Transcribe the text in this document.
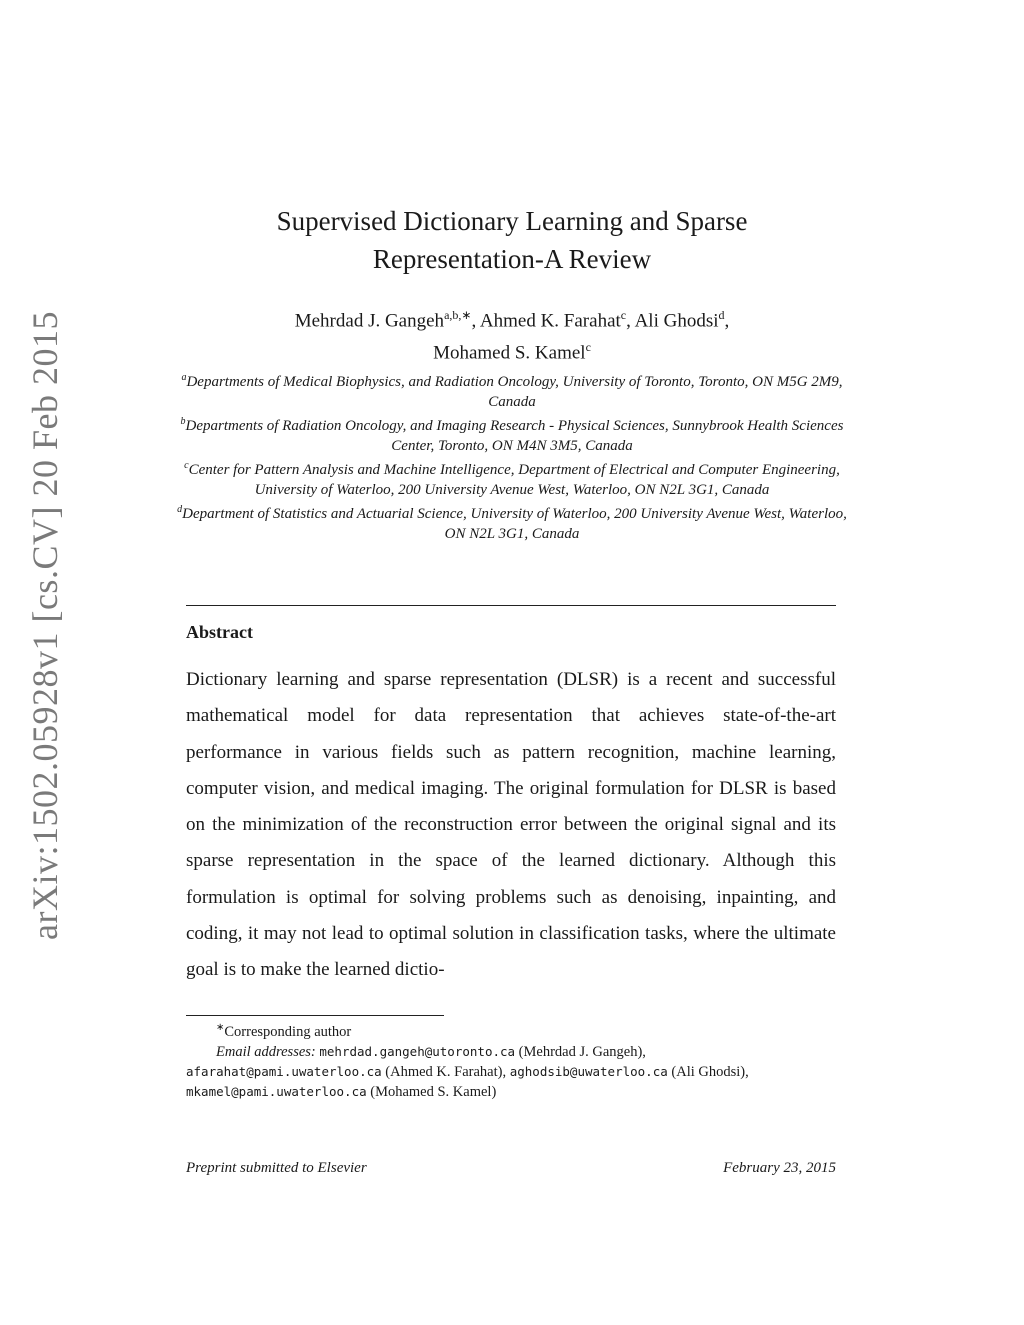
arXiv:1502.05928v1 [cs.CV] 20 Feb 2015
Supervised Dictionary Learning and Sparse
Representation-A Review
Mehrdad J. Gangeh$^{a,b,∗}$, Ahmed K. Farahat$^c$, Ali Ghodsi$^d$,
Mohamed S. Kamel$^c$
$^a$Departments of Medical Biophysics, and Radiation Oncology, University of Toronto, Toronto, ON M5G 2M9, Canada
$^b$Departments of Radiation Oncology, and Imaging Research - Physical Sciences, Sunnybrook Health Sciences Center, Toronto, ON M4N 3M5, Canada
$^c$Center for Pattern Analysis and Machine Intelligence, Department of Electrical and Computer Engineering, University of Waterloo, 200 University Avenue West, Waterloo, ON N2L 3G1, Canada
$^d$Department of Statistics and Actuarial Science, University of Waterloo, 200 University Avenue West, Waterloo, ON N2L 3G1, Canada
Abstract
Dictionary learning and sparse representation (DLSR) is a recent and successful mathematical model for data representation that achieves state-of-the-art performance in various fields such as pattern recognition, machine learning, computer vision, and medical imaging. The original formulation for DLSR is based on the minimization of the reconstruction error between the original signal and its sparse representation in the space of the learned dictionary. Although this formulation is optimal for solving problems such as denoising, inpainting, and coding, it may not lead to optimal solution in classification tasks, where the ultimate goal is to make the learned dictio-
∗Corresponding author
Email addresses: mehrdad.gangeh@utoronto.ca (Mehrdad J. Gangeh), afarahat@pami.uwaterloo.ca (Ahmed K. Farahat), aghodsib@uwaterloo.ca (Ali Ghodsi), mkamel@pami.uwaterloo.ca (Mohamed S. Kamel)
Preprint submitted to Elsevier	February 23, 2015
